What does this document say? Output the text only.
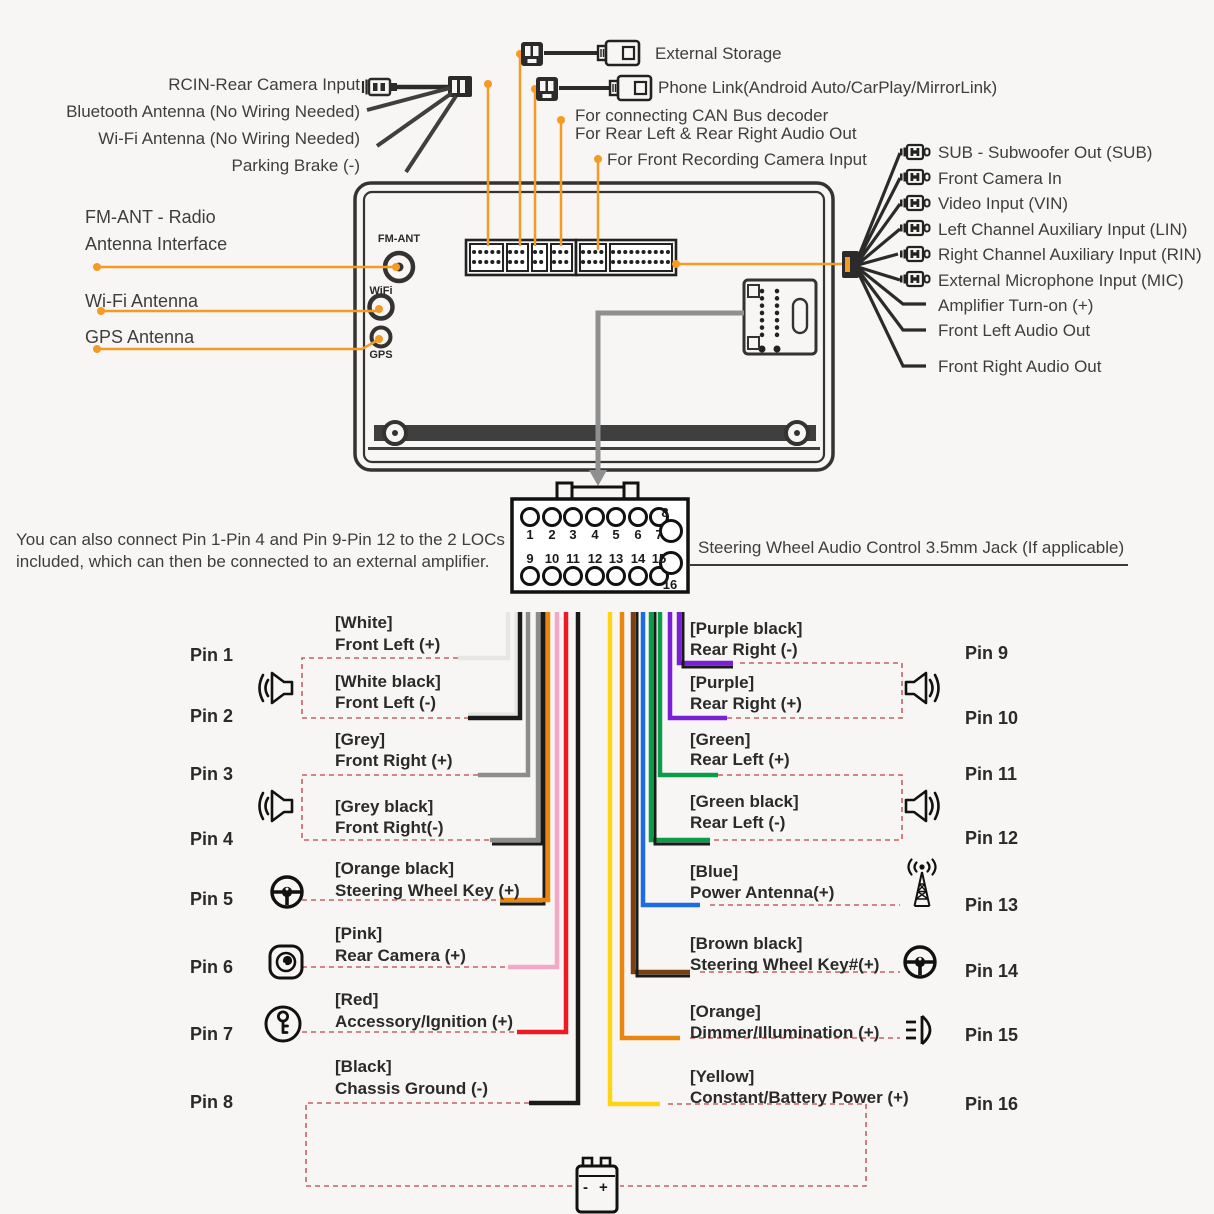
RCIN-Rear Camera Input
Bluetooth Antenna (No Wiring Needed)
Wi-Fi Antenna (No Wiring Needed)
Parking Brake (-)
External Storage
Phone Link(Android Auto/CarPlay/MirrorLink)
For connecting CAN Bus decoder
For Rear Left & Rear Right Audio Out
For Front Recording Camera Input
FM-ANT - Radio
Antenna Interface
Wi-Fi Antenna
GPS Antenna
FM-ANT
WiFi
GPS
SUB - Subwoofer Out (SUB)
Front Camera In
Video Input (VIN)
Left Channel Auxiliary Input (LIN)
Right Channel Auxiliary Input (RIN)
External Microphone Input (MIC)
Amplifier Turn-on (+)
Front Left Audio Out
Front Right Audio Out
You can also connect Pin 1-Pin 4 and Pin 9-Pin 12 to the 2 LOCs
included, which can then be connected to an external amplifier.
Steering Wheel Audio Control 3.5mm Jack (If applicable)
1	2	3	4	5	6	7
8
9 10 11 12 13 14 15
16
Pin 1
[White]
Front Left (+)
Pin 2
[White black]
Front Left (-)
Pin 3
[Grey]
Front Right (+)
Pin 4
[Grey black]
Front Right(-)
Pin 5
[Orange black]
Steering Wheel Key (+)
Pin 6
[Pink]
Rear Camera (+)
Pin 7
[Red]
Accessory/Ignition (+)
Pin 8
[Black]
Chassis Ground (-)
Pin 9
[Purple black]
Rear Right (-)
Pin 10
[Purple]
Rear Right (+)
Pin 11
[Green]
Rear Left (+)
Pin 12
[Green black]
Rear Left (-)
Pin 13
[Blue]
Power Antenna(+)
Pin 14
[Brown black]
Steering Wheel Key#(+)
Pin 15
[Orange]
Dimmer/Illumination (+)
Pin 16
[Yellow]
Constant/Battery Power (+)
- +
